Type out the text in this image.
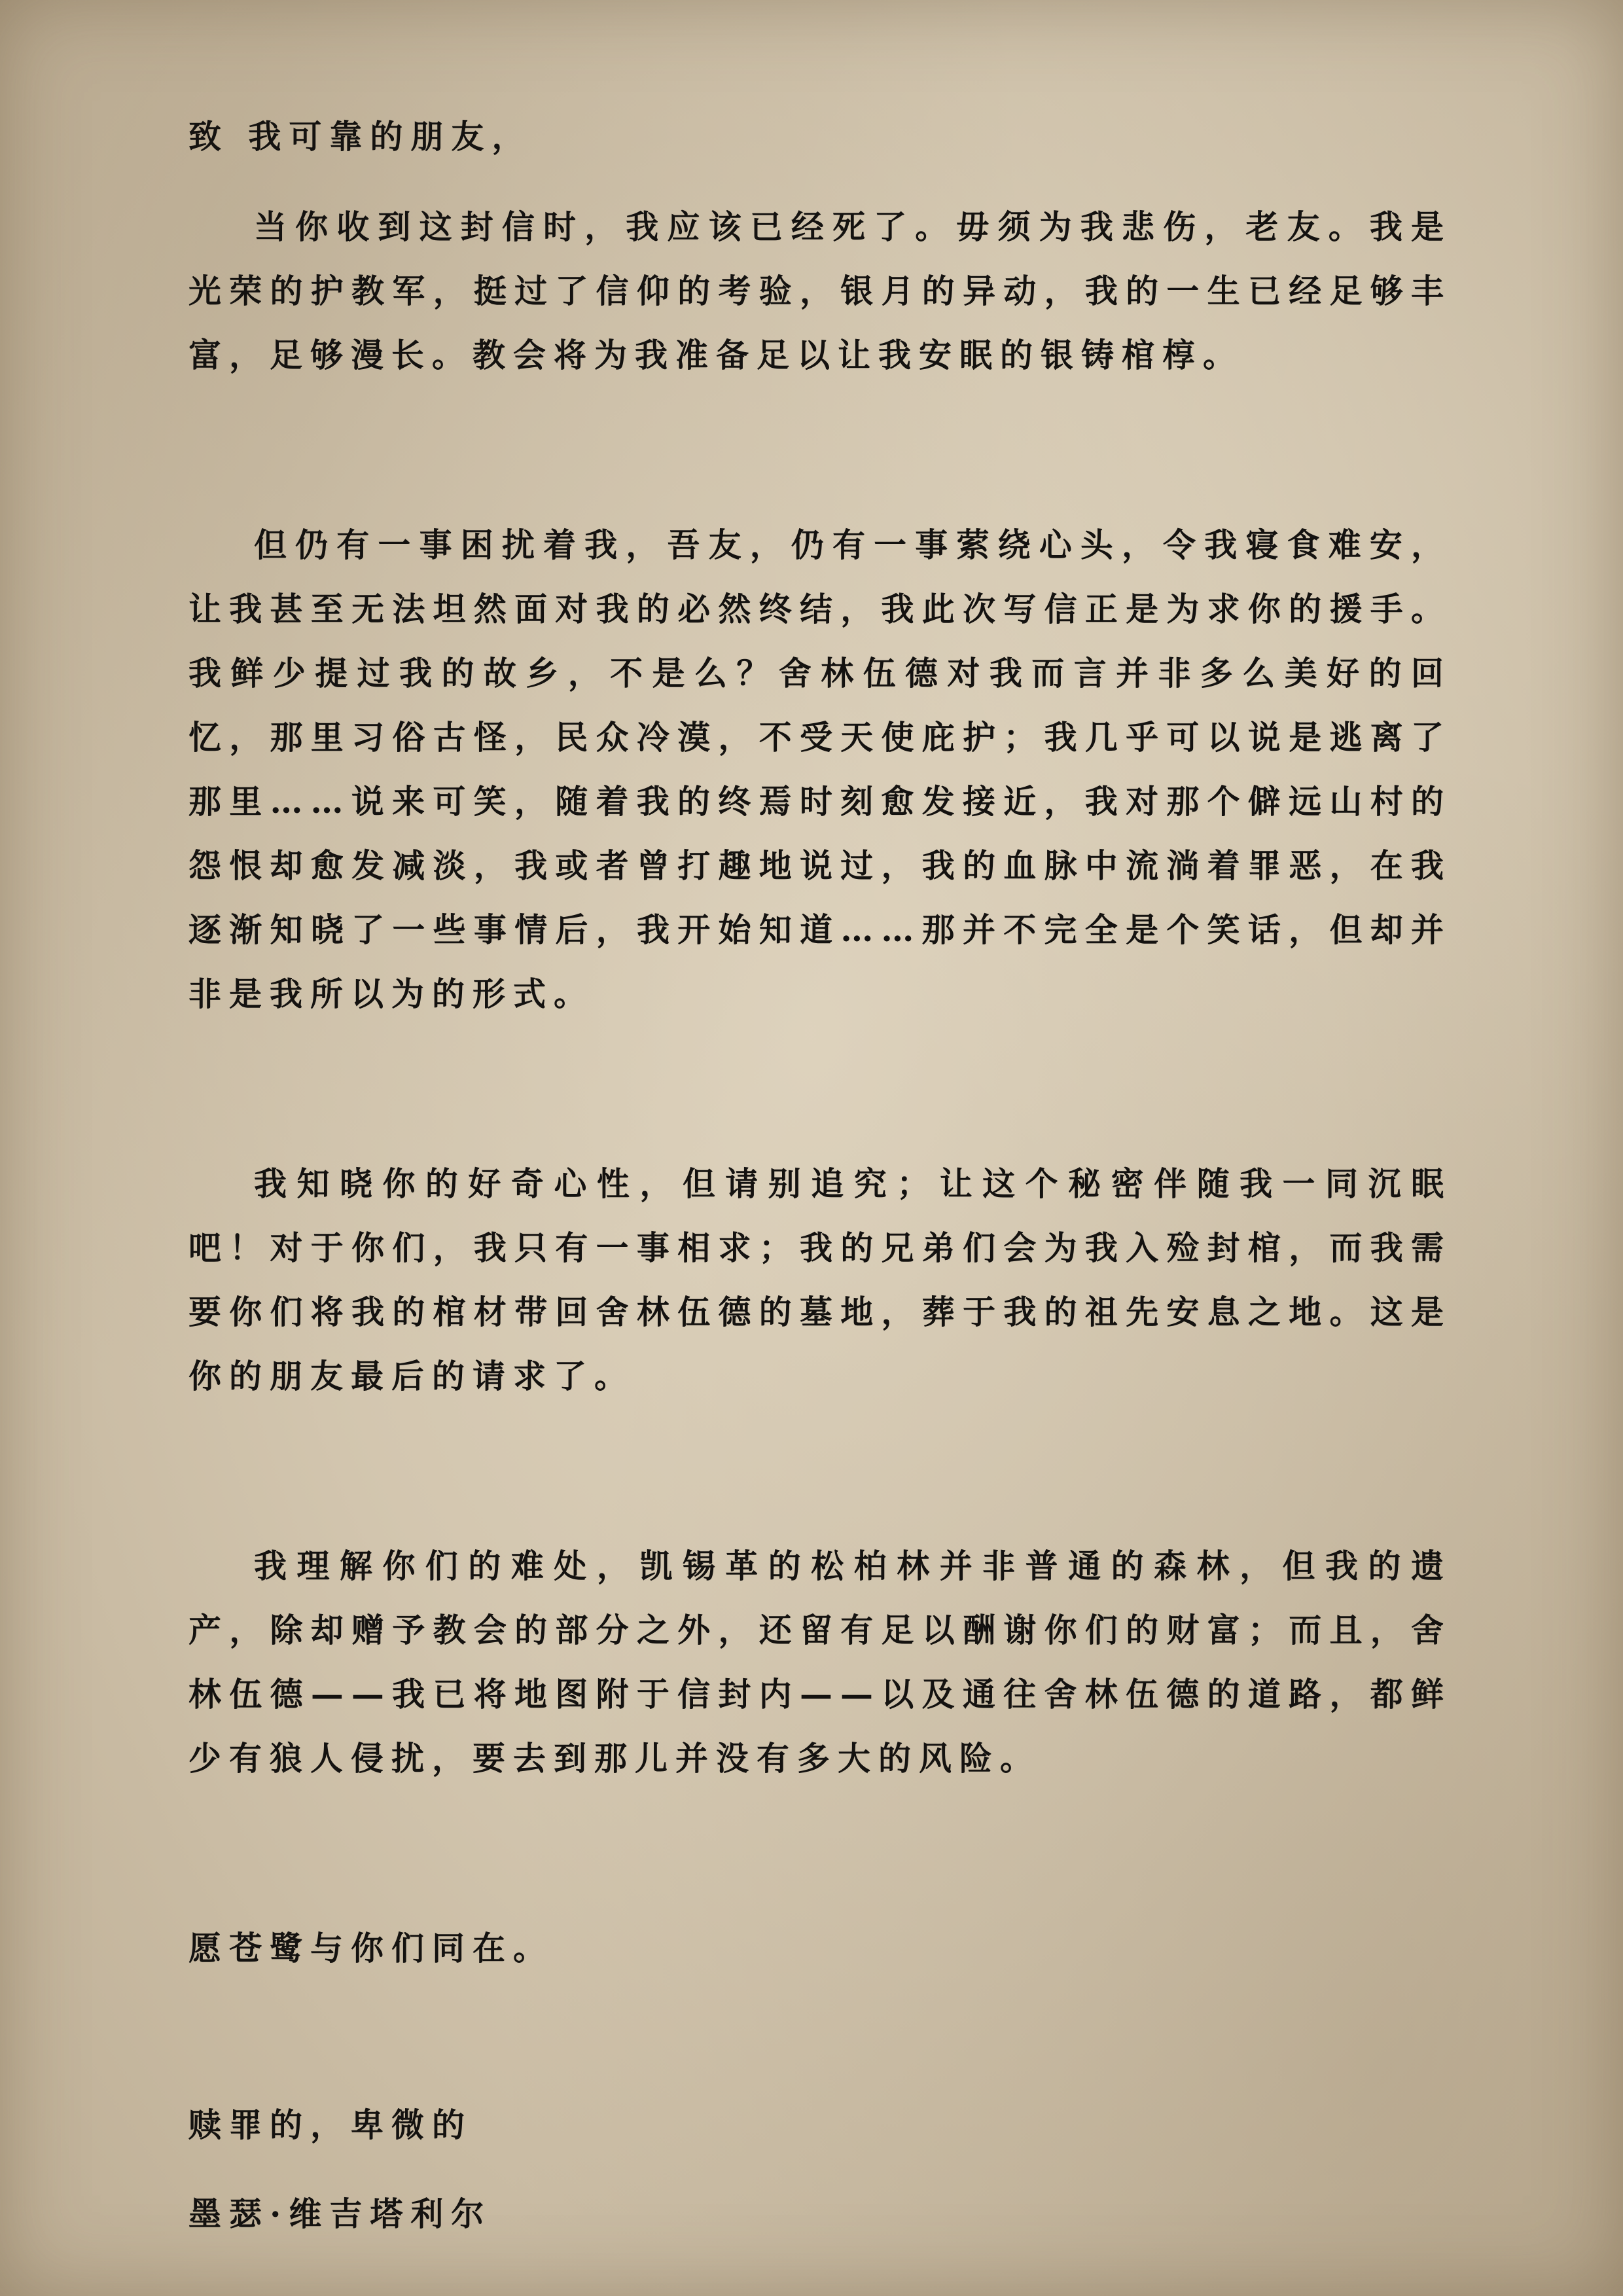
致 我可靠的朋友，

当你收到这封信时，我应该已经死了。毋须为我悲伤，老友。我是光荣的护教军，挺过了信仰的考验，银月的异动，我的一生已经足够丰富，足够漫长。教会将为我准备足以让我安眠的银铸棺椁。

但仍有一事困扰着我，吾友，仍有一事萦绕心头，令我寝食难安，让我甚至无法坦然面对我的必然终结，我此次写信正是为求你的援手。我鲜少提过我的故乡，不是么？舍林伍德对我而言并非多么美好的回忆，那里习俗古怪，民众冷漠，不受天使庇护；我几乎可以说是逃离了那里……说来可笑，随着我的终焉时刻愈发接近，我对那个僻远山村的怨恨却愈发减淡，我或者曾打趣地说过，我的血脉中流淌着罪恶，在我逐渐知晓了一些事情后，我开始知道……那并不完全是个笑话，但却并非是我所以为的形式。

我知晓你的好奇心性，但请别追究；让这个秘密伴随我一同沉眠吧！对于你们，我只有一事相求；我的兄弟们会为我入殓封棺，而我需要你们将我的棺材带回舍林伍德的墓地，葬于我的祖先安息之地。这是你的朋友最后的请求了。

我理解你们的难处，凯锡革的松柏林并非普通的森林，但我的遗产，除却赠予教会的部分之外，还留有足以酬谢你们的财富；而且，舍林伍德——我已将地图附于信封内——以及通往舍林伍德的道路，都鲜少有狼人侵扰，要去到那儿并没有多大的风险。

愿苍鹭与你们同在。

赎罪的，卑微的

墨瑟·维吉塔利尔
